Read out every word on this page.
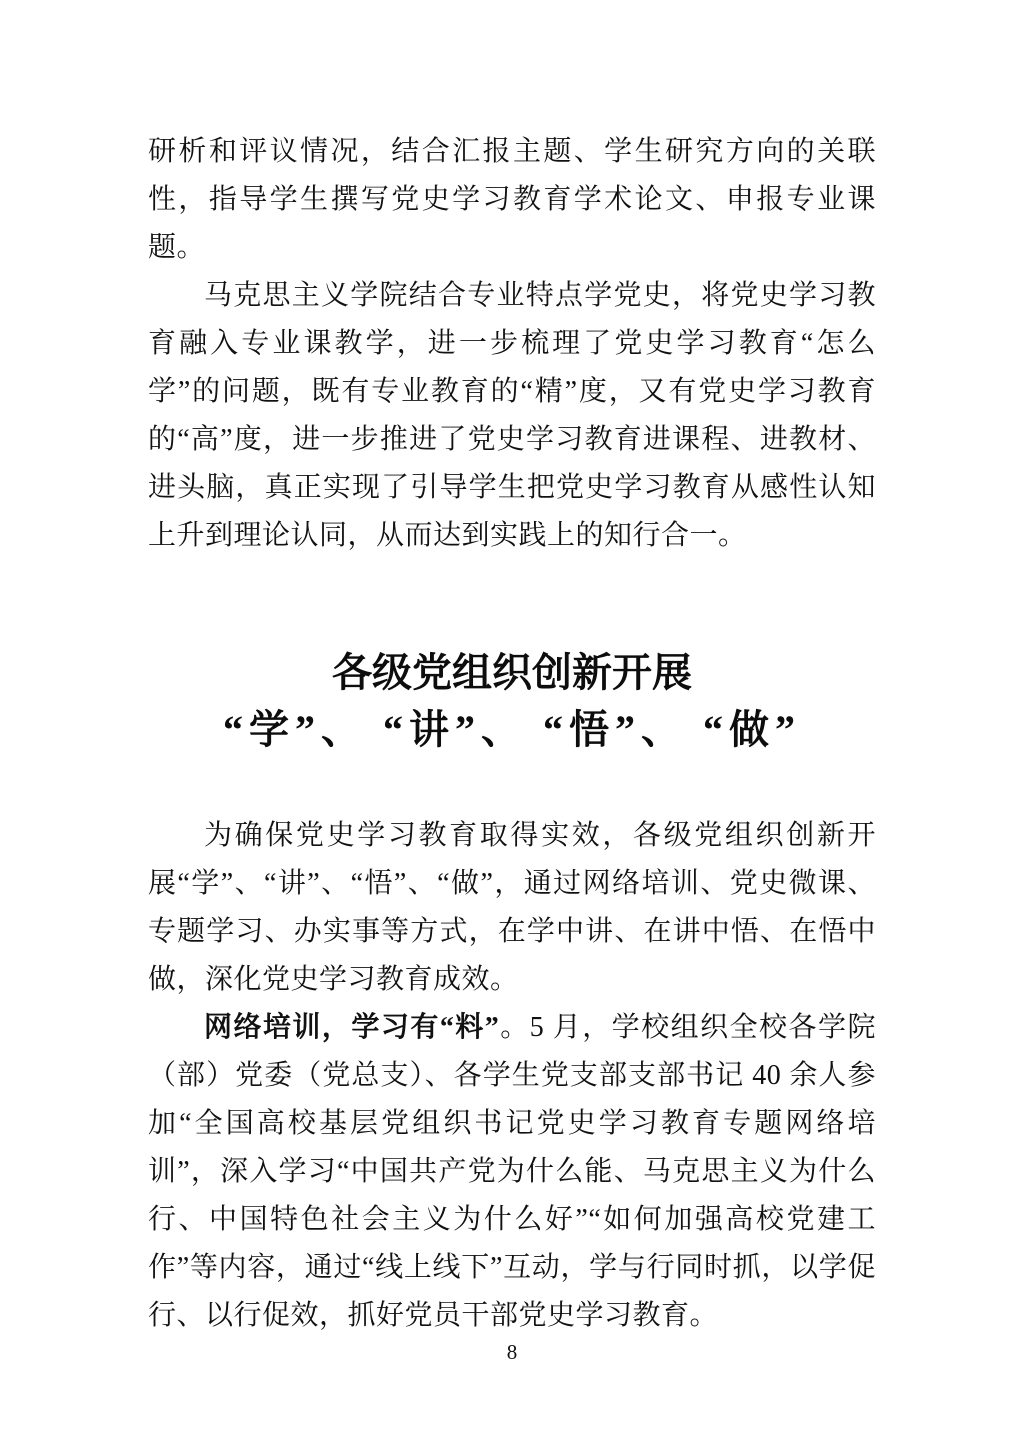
研析和评议情况，结合汇报主题、学生研究方向的关联性，指导学生撰写党史学习教育学术论文、申报专业课题。

马克思主义学院结合专业特点学党史，将党史学习教育融入专业课教学，进一步梳理了党史学习教育“怎么学”的问题，既有专业教育的“精”度，又有党史学习教育的“高”度，进一步推进了党史学习教育进课程、进教材、进头脑，真正实现了引导学生把党史学习教育从感性认知上升到理论认同，从而达到实践上的知行合一。

各级党组织创新开展
“学”、 “讲”、 “悟”、 “做”

为确保党史学习教育取得实效，各级党组织创新开展“学”、“讲”、“悟”、“做”，通过网络培训、党史微课、专题学习、办实事等方式，在学中讲、在讲中悟、在悟中做，深化党史学习教育成效。

网络培训，学习有“料”。5 月，学校组织全校各学院（部）党委（党总支）、各学生党支部支部书记 40 余人参加“全国高校基层党组织书记党史学习教育专题网络培训”，深入学习“中国共产党为什么能、马克思主义为什么行、中国特色社会主义为什么好”“如何加强高校党建工作”等内容，通过“线上线下”互动，学与行同时抓，以学促行、以行促效，抓好党员干部党史学习教育。

8
